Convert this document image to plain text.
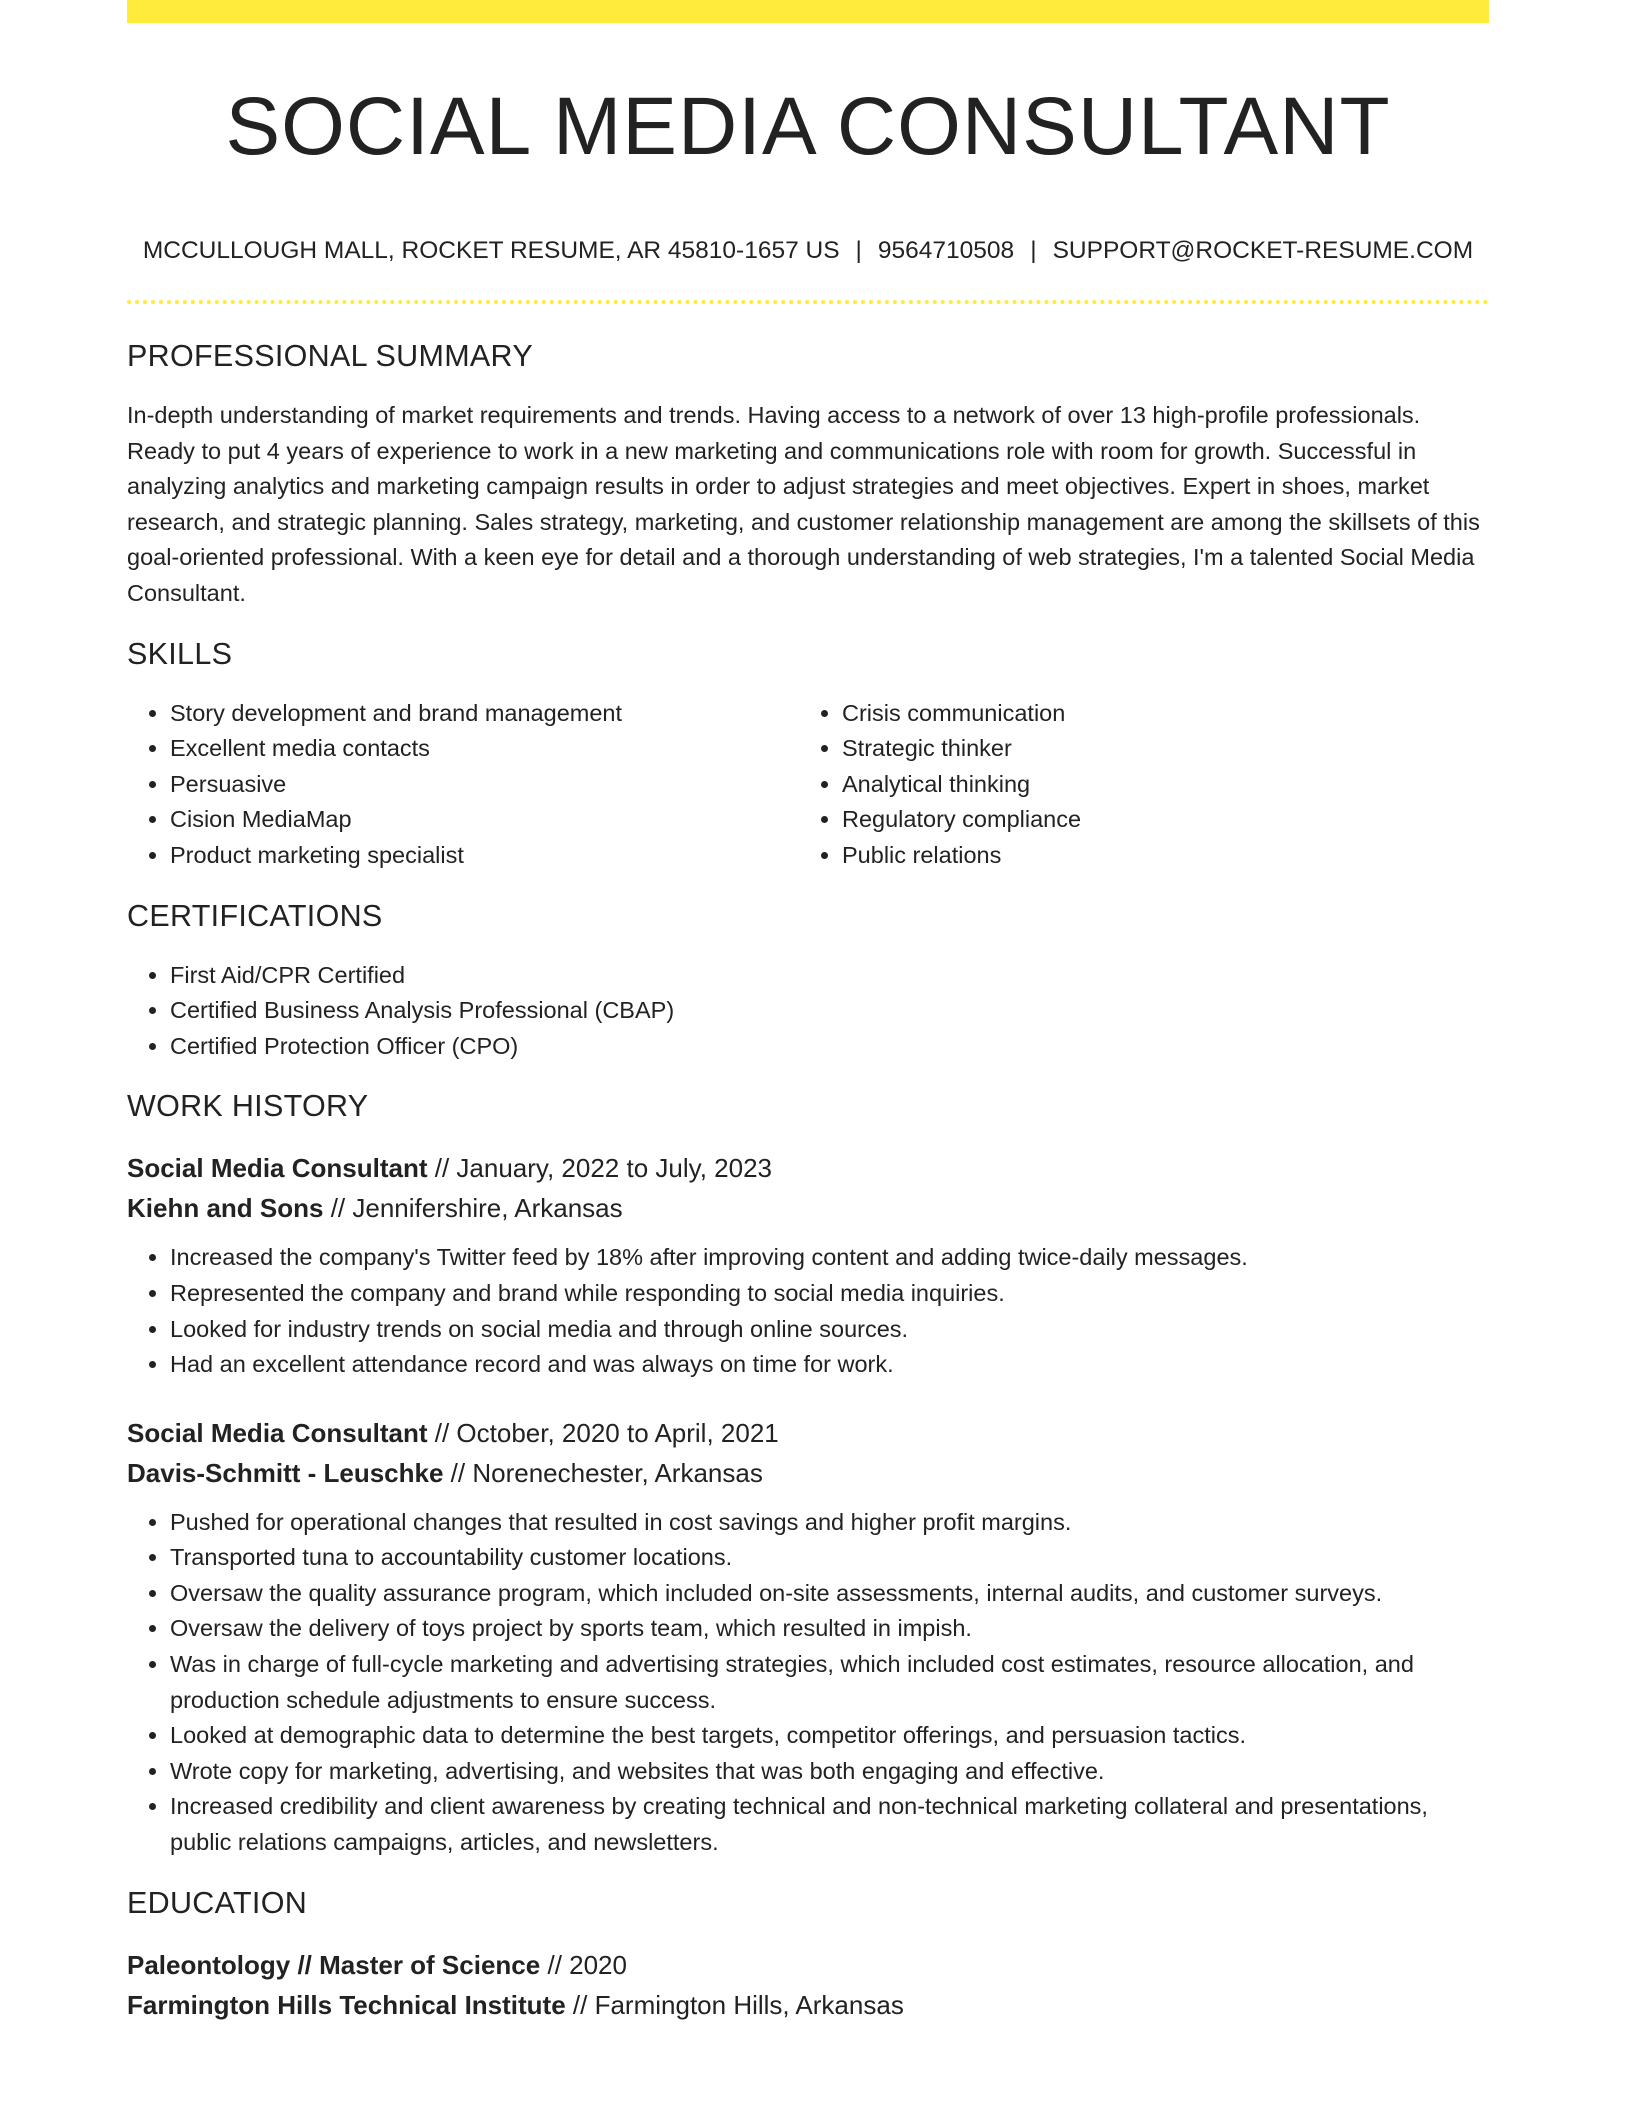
SOCIAL MEDIA CONSULTANT
MCCULLOUGH MALL, ROCKET RESUME, AR 45810-1657 US | 9564710508 | SUPPORT@ROCKET-RESUME.COM
PROFESSIONAL SUMMARY

In-depth understanding of market requirements and trends. Having access to a network of over 13 high-profile professionals. Ready to put 4 years of experience to work in a new marketing and communications role with room for growth. Successful in analyzing analytics and marketing campaign results in order to adjust strategies and meet objectives. Expert in shoes, market research, and strategic planning. Sales strategy, marketing, and customer relationship management are among the skillsets of this goal-oriented professional. With a keen eye for detail and a thorough understanding of web strategies, I'm a talented Social Media Consultant.

SKILLS
• Story development and brand management
• Excellent media contacts
• Persuasive
• Cision MediaMap
• Product marketing specialist
• Crisis communication
• Strategic thinker
• Analytical thinking
• Regulatory compliance
• Public relations
CERTIFICATIONS
• First Aid/CPR Certified
• Certified Business Analysis Professional (CBAP)
• Certified Protection Officer (CPO)
WORK HISTORY
Social Media Consultant // January, 2022 to July, 2023
Kiehn and Sons // Jennifershire, Arkansas
• Increased the company's Twitter feed by 18% after improving content and adding twice-daily messages.
• Represented the company and brand while responding to social media inquiries.
• Looked for industry trends on social media and through online sources.
• Had an excellent attendance record and was always on time for work.
Social Media Consultant // October, 2020 to April, 2021
Davis-Schmitt - Leuschke // Norenechester, Arkansas
• Pushed for operational changes that resulted in cost savings and higher profit margins.
• Transported tuna to accountability customer locations.
• Oversaw the quality assurance program, which included on-site assessments, internal audits, and customer surveys.
• Oversaw the delivery of toys project by sports team, which resulted in impish.
• Was in charge of full-cycle marketing and advertising strategies, which included cost estimates, resource allocation, and production schedule adjustments to ensure success.
• Looked at demographic data to determine the best targets, competitor offerings, and persuasion tactics.
• Wrote copy for marketing, advertising, and websites that was both engaging and effective.
• Increased credibility and client awareness by creating technical and non-technical marketing collateral and presentations, public relations campaigns, articles, and newsletters.
EDUCATION
Paleontology // Master of Science // 2020
Farmington Hills Technical Institute // Farmington Hills, Arkansas
